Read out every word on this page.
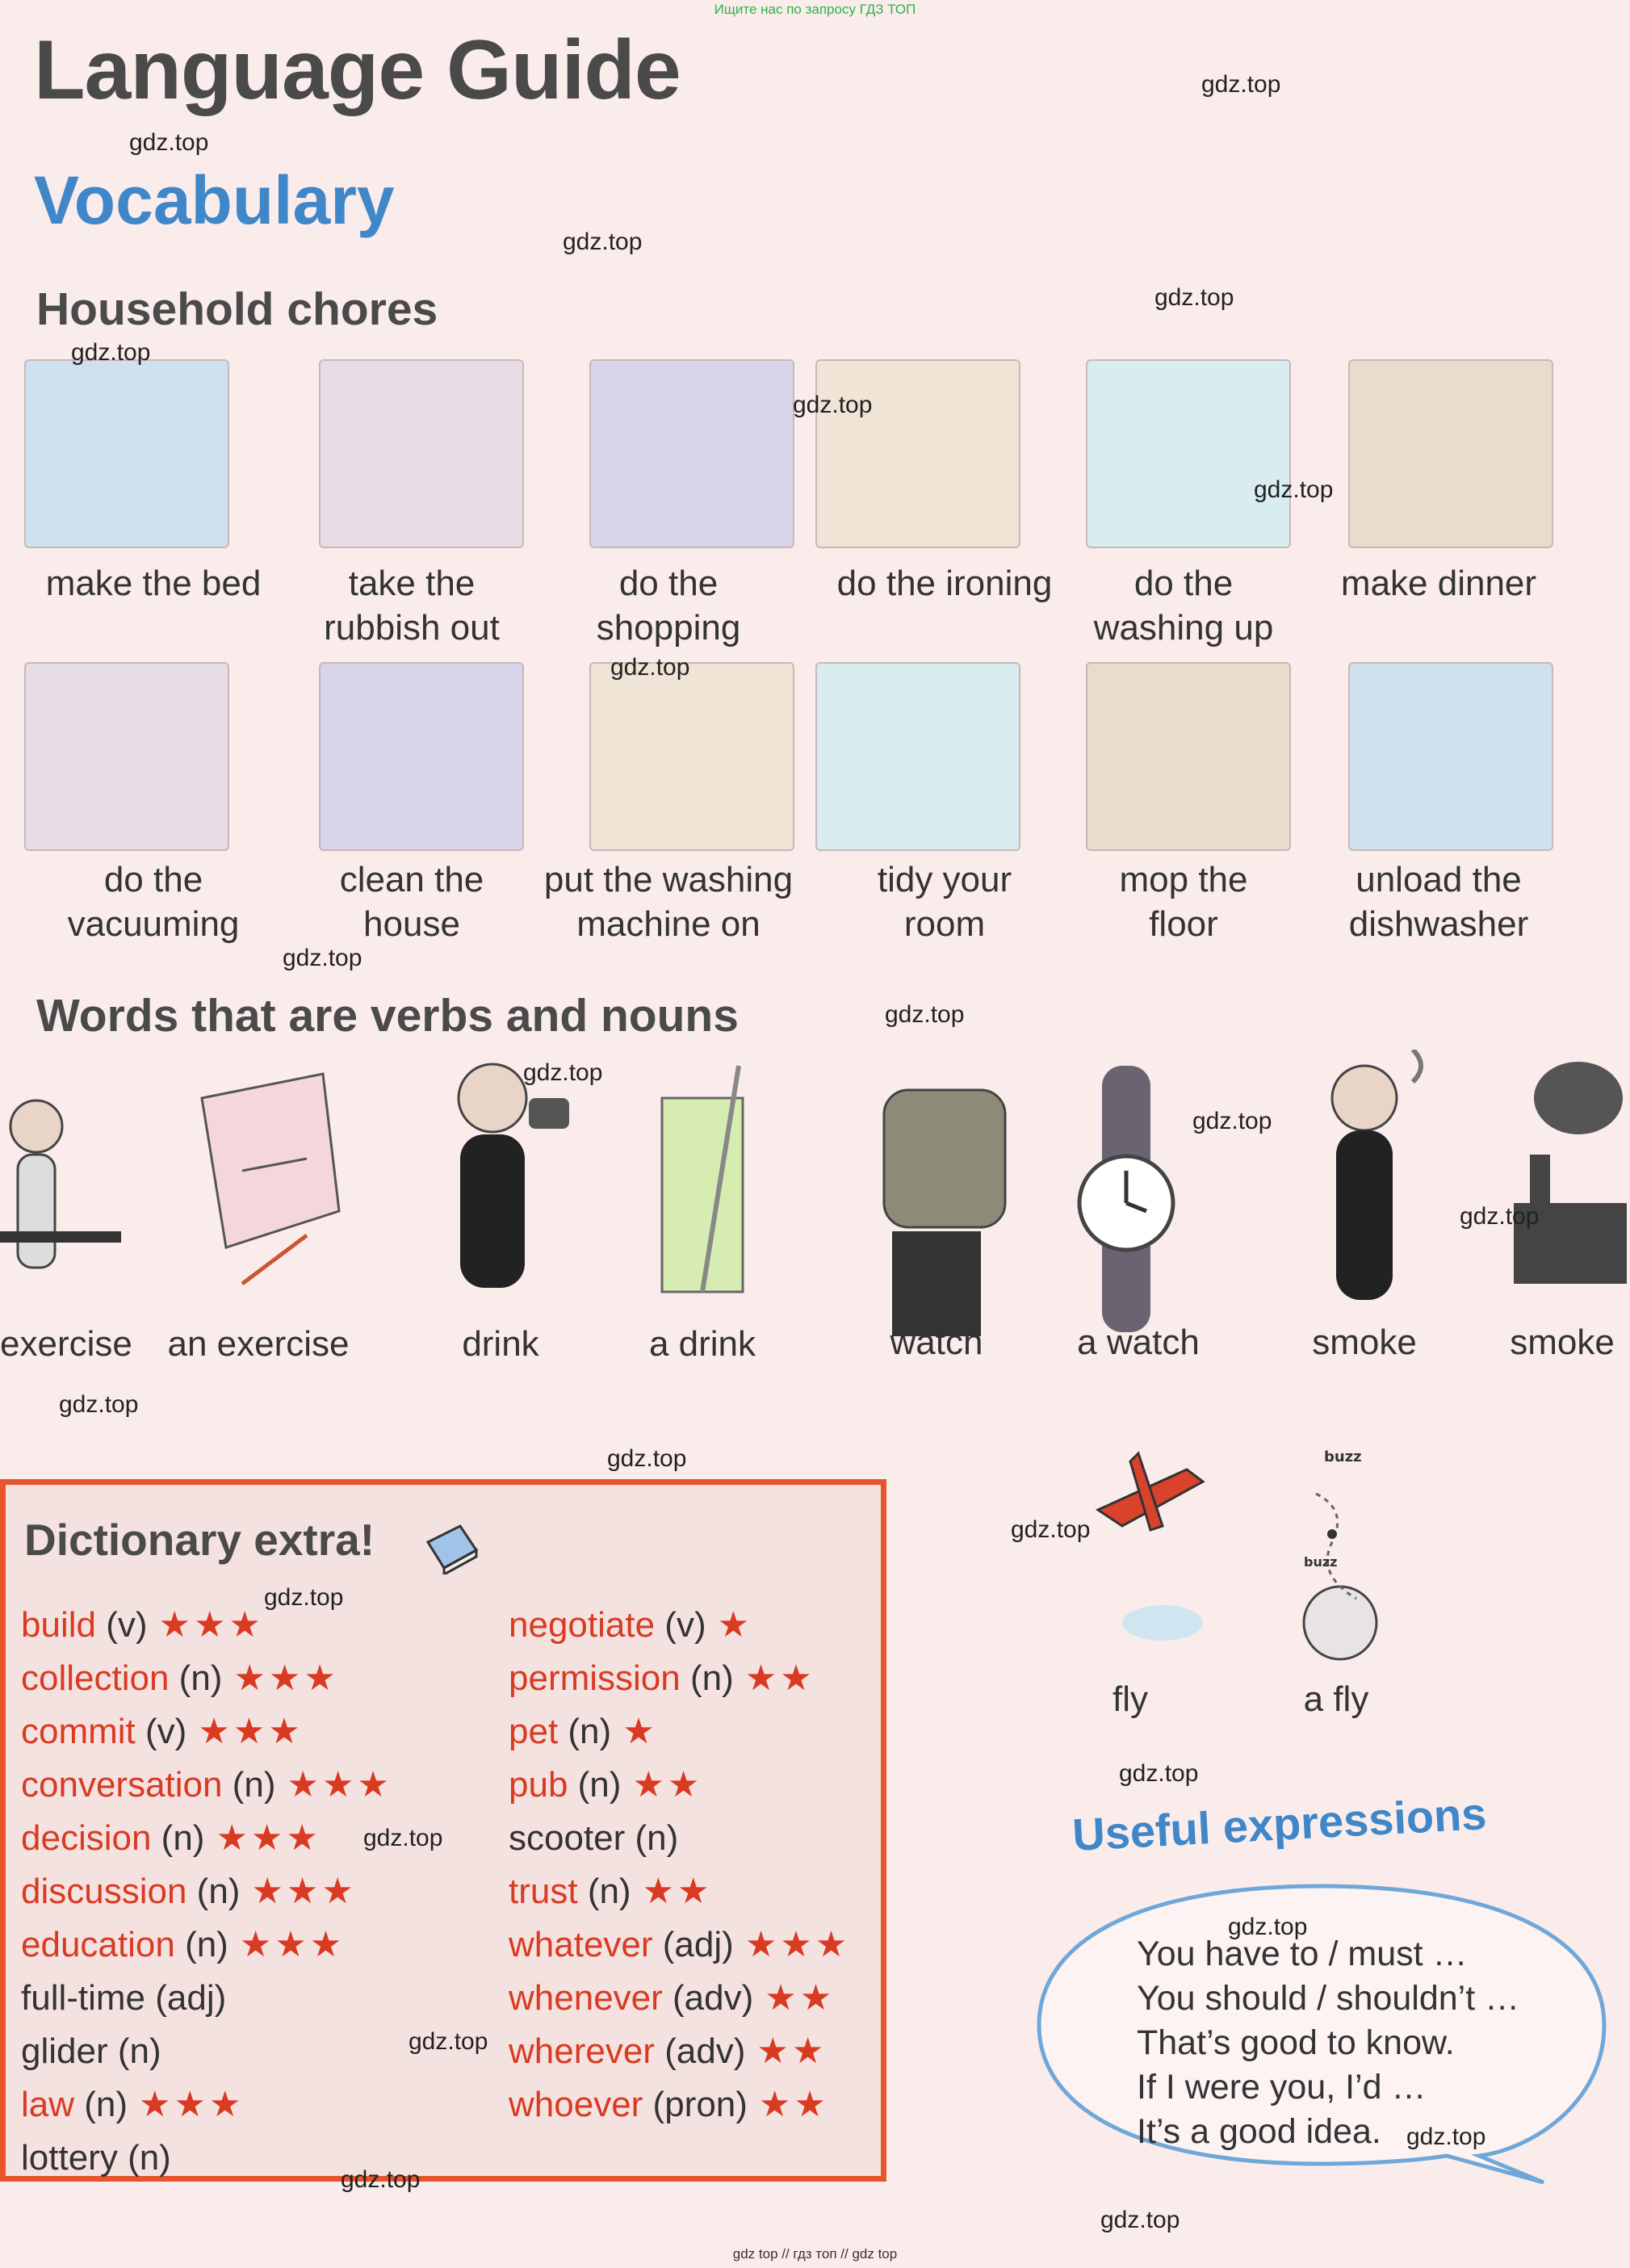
Ищите нас по запросу ГДЗ ТОП
Language Guide
Vocabulary
Household chores
make the bed	take the
rubbish out
do the
shopping
do the ironing	do the
washing up
make dinner
do the
vacuuming
clean the
house
put the washing
machine on
tidy your
room
mop the
floor
unload the
dishwasher
Words that are verbs and nouns
exercise an exercise	drink	a drink	watch	a watch	smoke	smoke
Dictionary extra!
build (v) ★★★
collection (n) ★★★
commit (v) ★★★
conversation (n) ★★★
decision (n) ★★★
discussion (n) ★★★
education (n) ★★★
full-time (adj)
glider (n)
law (n) ★★★
lottery (n)
negotiate (v) ★
permission (n) ★★
pet (n) ★
pub (n) ★★
scooter (n)
trust (n) ★★
whatever (adj) ★★★
whenever (adv) ★★
wherever (adv) ★★
whoever (pron) ★★
buzz
buzz
fly	a fly
Useful expressions
You have to / must …
You should / shouldn’t …
That’s good to know.
If I were you, I’d …
It’s a good idea.
gdz.top
gdz.top
gdz.top
gdz.top
gdz.top
gdz.top
gdz.top
gdz.top
gdz.top
gdz.top
gdz.top
gdz.top
gdz.top
gdz.top
gdz.top
gdz.top
gdz.top
gdz.top
gdz.top
gdz.top
gdz.top
gdz.top
gdz.top
gdz.top
gdz top // гдз топ // gdz top
